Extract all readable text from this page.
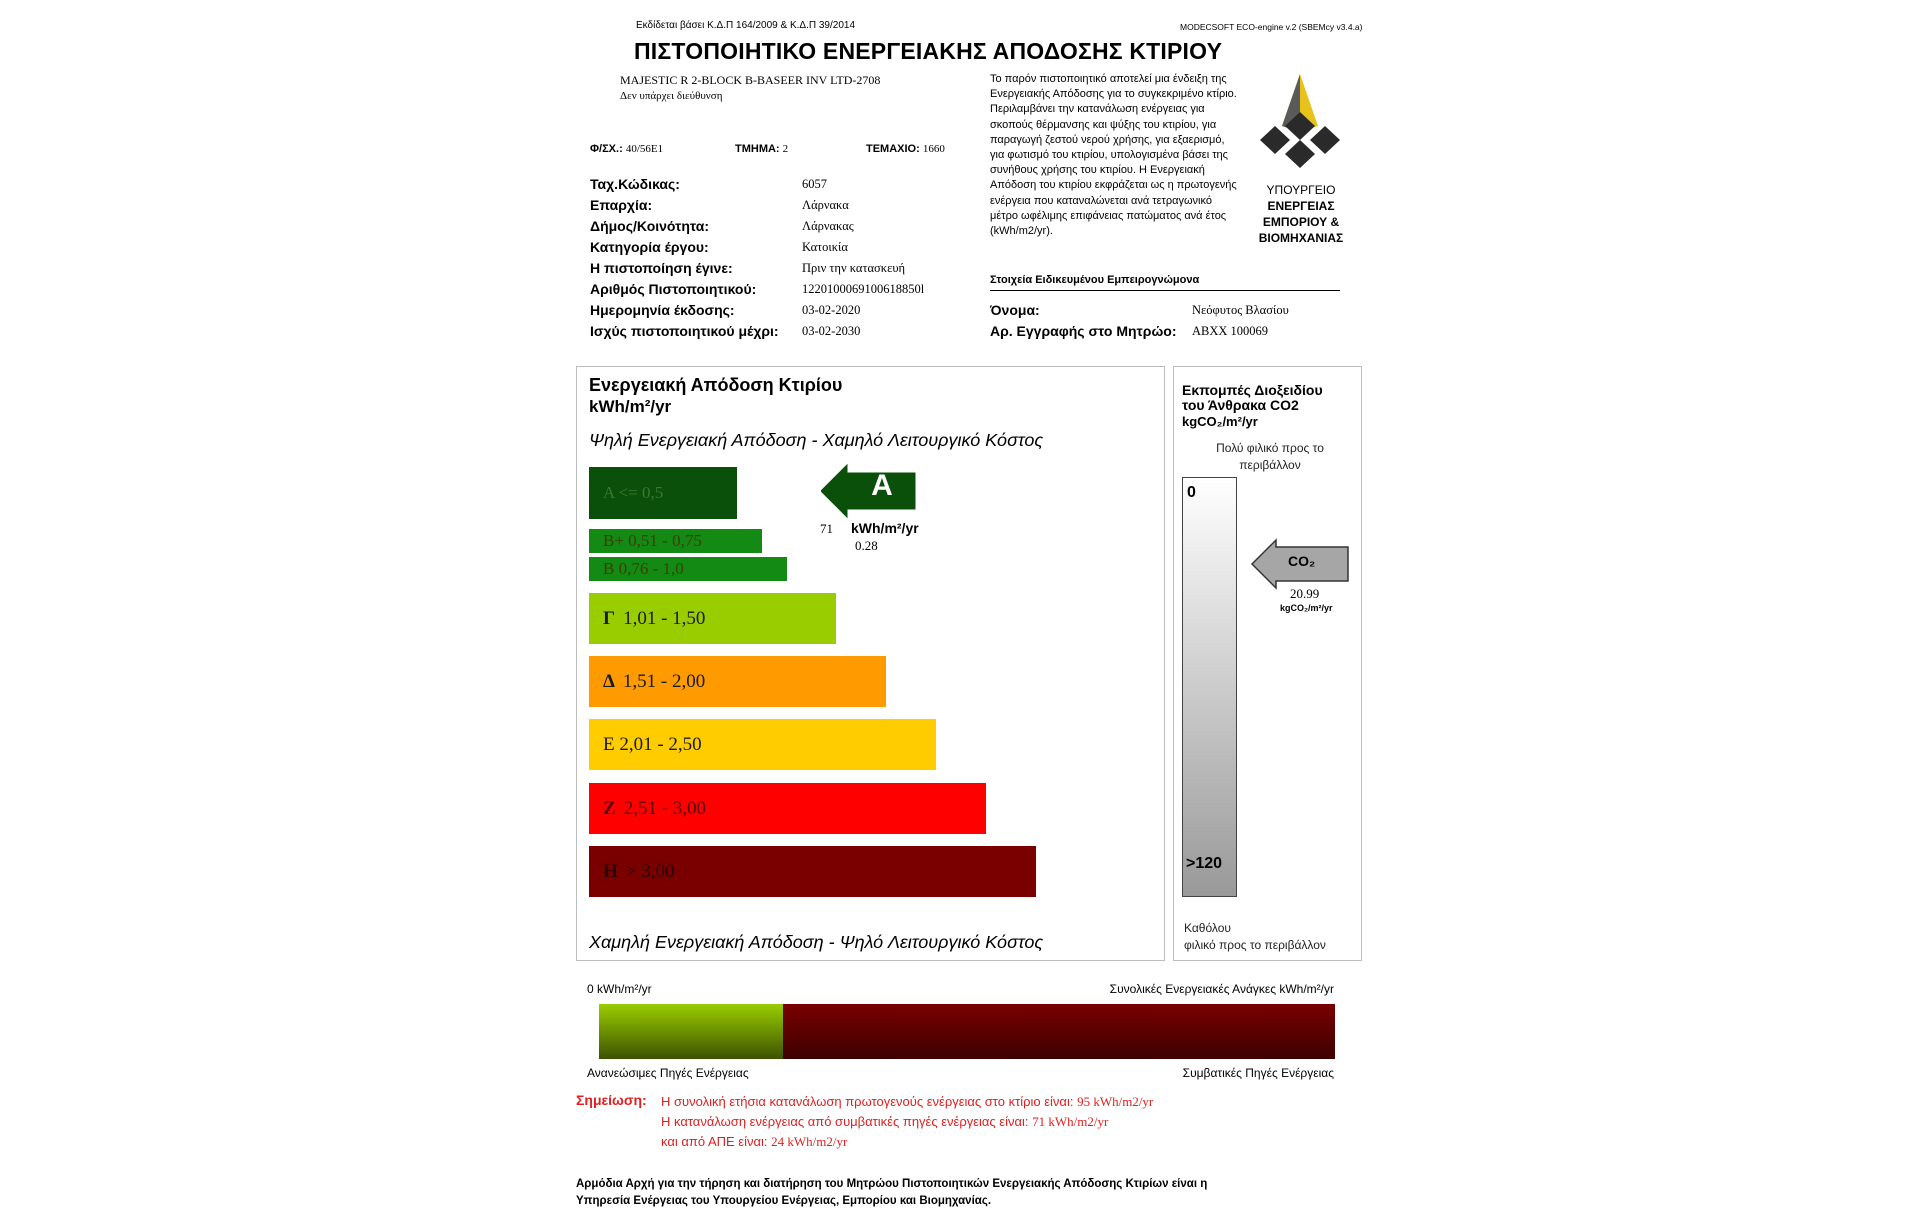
Εκδίδεται βάσει Κ.Δ.Π 164/2009 & Κ.Δ.Π 39/2014	MODECSOFT ECO-engine v.2 (SBEMcy v3.4.a)
ΠΙΣΤΟΠΟΙΗΤΙΚΟ ΕΝΕΡΓΕΙΑΚΗΣ ΑΠΟΔΟΣΗΣ ΚΤΙΡΙΟΥ
MAJESTIC R 2-BLOCK B-BASEER INV LTD-2708
Δεν υπάρχει διεύθυνση
Φ/ΣΧ.: 40/56E1	ΤΜΗΜΑ: 2	ΤΕΜΑΧΙΟ: 1660
Ταχ.Κώδικας:	6057
Επαρχία:	Λάρνακα
Δήμος/Κοινότητα:	Λάρνακας
Κατηγορία έργου:	Κατοικία
Η πιστοποίηση έγινε:	Πριν την κατασκευή
Αριθμός Πιστοποιητικού:	1220100069100618850l
Ημερομηνία έκδοσης:	03-02-2020
Ισχύς πιστοποιητικού μέχρι: 03-02-2030
Το παρόν πιστοποιητικό αποτελεί μια ένδειξη της Ενεργειακής Απόδοσης για το συγκεκριμένο κτίριο. Περιλαμβάνει την κατανάλωση ενέργειας για σκοπούς θέρμανσης και ψύξης του κτιρίου, για παραγωγή ζεστού νερού χρήσης, για εξαερισμό, για φωτισμό του κτιρίου, υπολογισμένα βάσει της συνήθους χρήσης του κτιρίου. Η Ενεργειακή Απόδοση του κτιρίου εκφράζεται ως η πρωτογενής ενέργεια που καταναλώνεται ανά τετραγωνικό μέτρο ωφέλιμης επιφάνειας πατώματος ανά έτος (kWh/m2/yr).
ΥΠΟΥΡΓΕΙΟ
ΕΝΕΡΓΕΙΑΣ
ΕΜΠΟΡΙΟΥ &
ΒΙΟΜΗΧΑΝΙΑΣ
Στοιχεία Ειδικευμένου Εμπειρογνώμονα
Όνομα:	Νεόφυτος Βλασίου
Αρ. Εγγραφής στο Μητρώο: ABXX 100069
Ενεργειακή Απόδοση Κτιρίου
kWh/m²/yr
Ψηλή Ενεργειακή Απόδοση - Χαμηλό Λειτουργικό Κόστος
A <= 0,5
B+ 0,51 - 0,75
B 0,76 - 1,0
Γ 1,01 - 1,50
Δ 1,51 - 2,00
E 2,01 - 2,50
Ζ 2,51 - 3,00
Η > 3,00
A
71 kWh/m²/yr
0.28
Χαμηλή Ενεργειακή Απόδοση - Ψηλό Λειτουργικό Κόστος
Εκπομπές Διοξειδίου
του Άνθρακα CO2
kgCO₂/m²/yr
Πολύ φιλικό προς το περιβάλλον
0
>120
CO₂
20.99
kgCO₂/m²/yr
Καθόλου
φιλικό προς το περιβάλλον
0 kWh/m²/yr	Συνολικές Ενεργειακές Ανάγκες kWh/m²/yr
Ανανεώσιμες Πηγές Ενέργειας	Συμβατικές Πηγές Ενέργειας
Σημείωση: Η συνολική ετήσια κατανάλωση πρωτογενούς ενέργειας στο κτίριο είναι: 95 kWh/m2/yr
Η κατανάλωση ενέργειας από συμβατικές πηγές ενέργειας είναι: 71 kWh/m2/yr
και από ΑΠΕ είναι: 24 kWh/m2/yr
Αρμόδια Αρχή για την τήρηση και διατήρηση του Μητρώου Πιστοποιητικών Ενεργειακής Απόδοσης Κτιρίων είναι η
Υπηρεσία Ενέργειας του Υπουργείου Ενέργειας, Εμπορίου και Βιομηχανίας.
